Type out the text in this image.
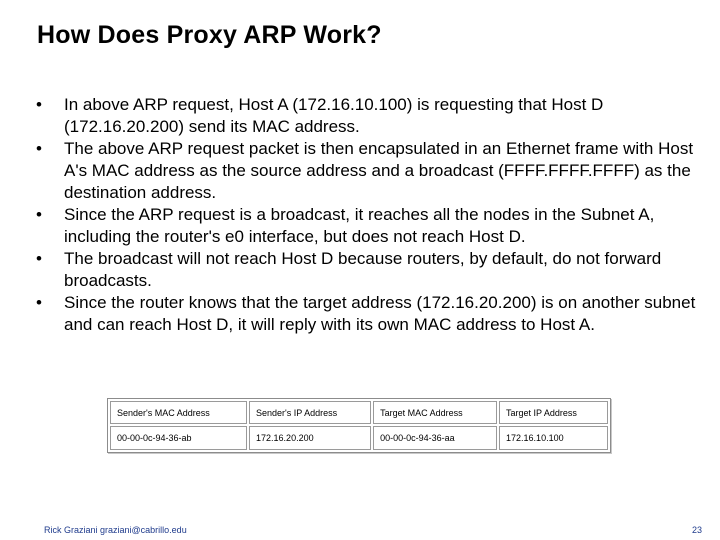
How Does Proxy ARP Work?
•	In above ARP request, Host A (172.16.10.100) is requesting that Host D (172.16.20.200) send its MAC address.
•	The above ARP request packet is then encapsulated in an Ethernet frame with Host A's MAC address as the source address and a broadcast (FFFF.FFFF.FFFF) as the destination address.
•	Since the ARP request is a broadcast, it reaches all the nodes in the Subnet A, including the router's e0 interface, but does not reach Host D.
•	The broadcast will not reach Host D because routers, by default, do not forward broadcasts.
•	Since the router knows that the target address (172.16.20.200) is on another subnet and can reach Host D, it will reply with its own MAC address to Host A.
Sender's MAC Address	Sender's IP Address	Target MAC Address	Target IP Address
00-00-0c-94-36-ab	172.16.20.200	00-00-0c-94-36-aa	172.16.10.100
Rick Graziani graziani@cabrillo.edu	23
